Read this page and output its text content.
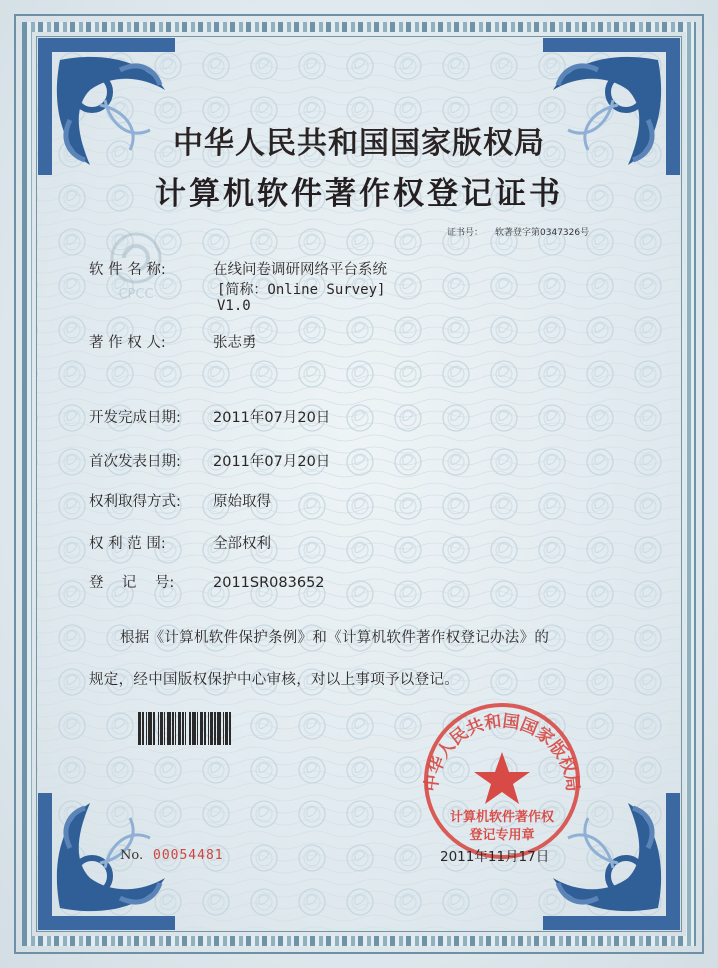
中华人民共和国国家版权局
计算机软件著作权登记证书
证书号： 软著登字第0347326号
CPCC
软 件 名 称:	在线问卷调研网络平台系统
[简称：Online Survey]
V1.0
著 作 权 人:	张志勇
开发完成日期: 2011年07月20日
首次发表日期: 2011年07月20日
权利取得方式: 原始取得
权 利 范 围:	全部权利
登    记    号:	2011SR083652
根据《计算机软件保护条例》和《计算机软件著作权登记办法》的
规定，经中国版权保护中心审核，对以上事项予以登记。
中华人民共和国国家版权局
计算机软件著作权
登记专用章
No. 00054481	2011年11月17日
